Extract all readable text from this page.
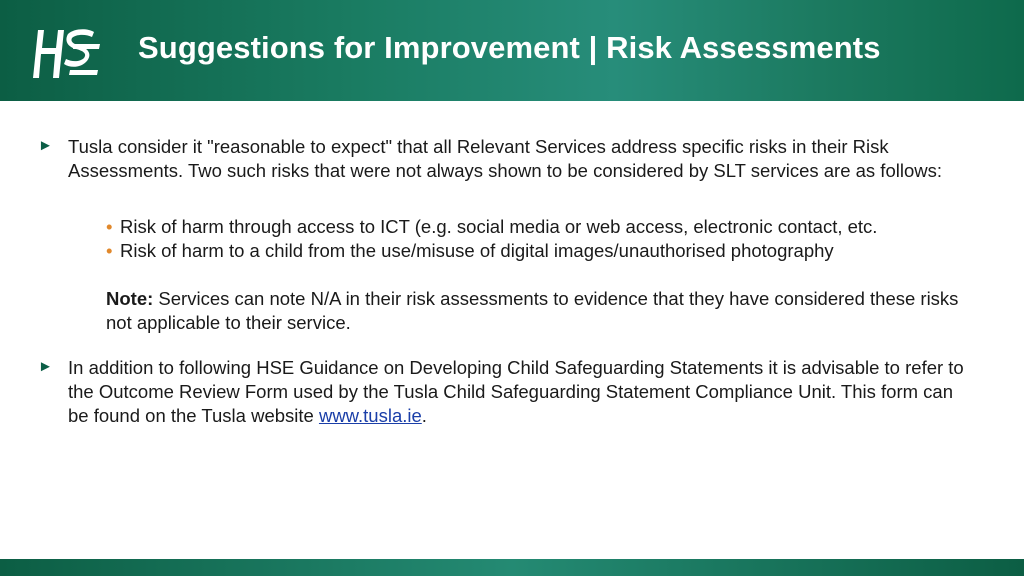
Suggestions for Improvement | Risk Assessments
► Tusla consider it "reasonable to expect" that all Relevant Services address specific risks in their Risk Assessments. Two such risks that were not always shown to be considered by SLT services are as follows:
• Risk of harm through access to ICT (e.g. social media or web access, electronic contact, etc.
• Risk of harm to a child from the use/misuse of digital images/unauthorised photography
Note: Services can note N/A in their risk assessments to evidence that they have considered these risks not applicable to their service.
► In addition to following HSE Guidance on Developing Child Safeguarding Statements it is advisable to refer to the Outcome Review Form used by the Tusla Child Safeguarding Statement Compliance Unit. This form can be found on the Tusla website www.tusla.ie.
